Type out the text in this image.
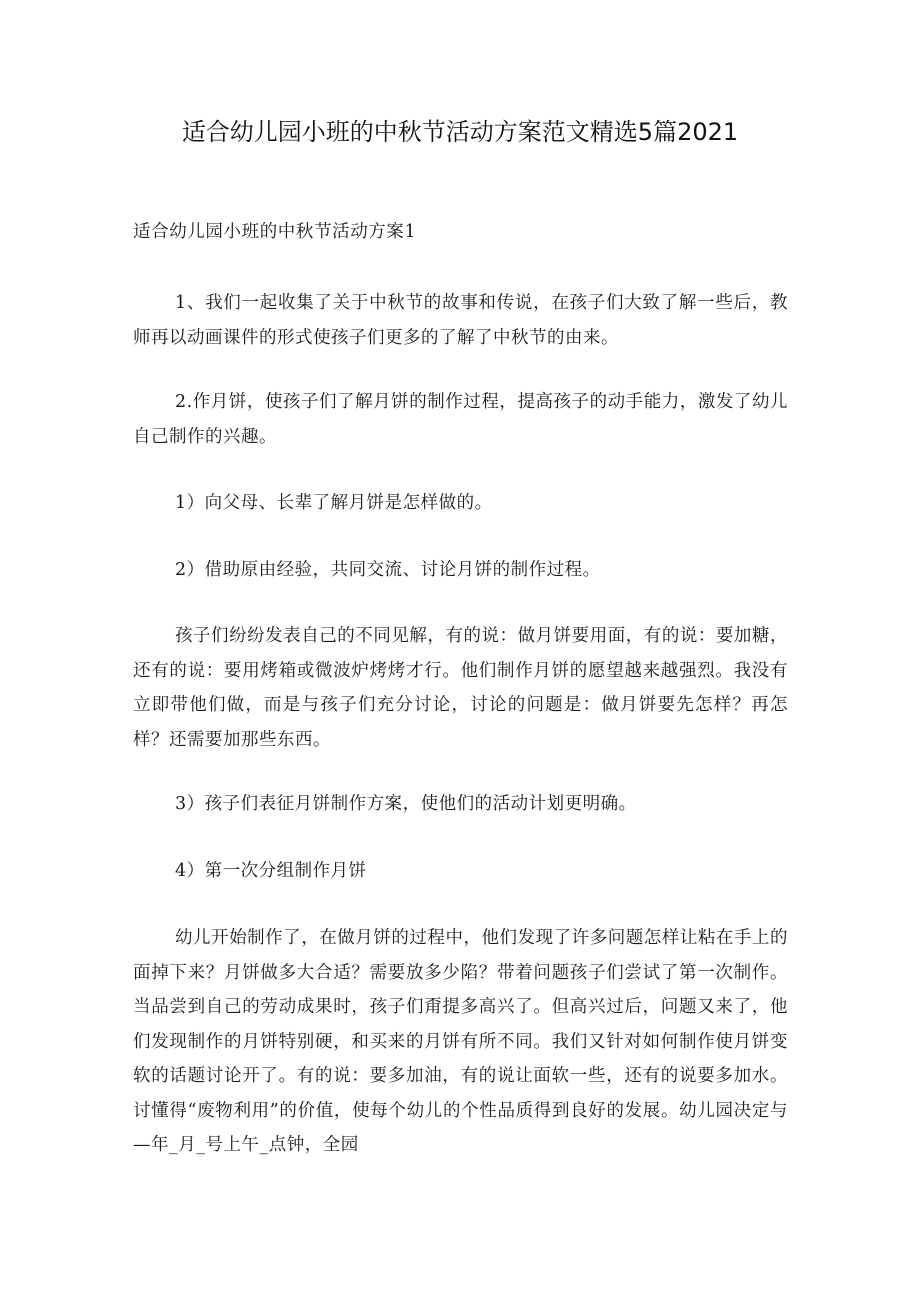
适合幼儿园小班的中秋节活动方案范文精选5篇2021

适合幼儿园小班的中秋节活动方案1

1、我们一起收集了关于中秋节的故事和传说，在孩子们大致了解一些后，教师再以动画课件的形式使孩子们更多的了解了中秋节的由来。

2.作月饼，使孩子们了解月饼的制作过程，提高孩子的动手能力，激发了幼儿自己制作的兴趣。

1）向父母、长辈了解月饼是怎样做的。

2）借助原由经验，共同交流、讨论月饼的制作过程。

孩子们纷纷发表自己的不同见解，有的说：做月饼要用面，有的说：要加糖，还有的说：要用烤箱或微波炉烤烤才行。他们制作月饼的愿望越来越强烈。我没有立即带他们做，而是与孩子们充分讨论，讨论的问题是：做月饼要先怎样？再怎样？还需要加那些东西。

3）孩子们表征月饼制作方案，使他们的活动计划更明确。

4）第一次分组制作月饼

幼儿开始制作了，在做月饼的过程中，他们发现了许多问题怎样让粘在手上的面掉下来？月饼做多大合适？需要放多少陷？带着问题孩子们尝试了第一次制作。当品尝到自己的劳动成果时，孩子们甭提多高兴了。但高兴过后，问题又来了，他们发现制作的月饼特别硬，和买来的月饼有所不同。我们又针对如何制作使月饼变软的话题讨论开了。有的说：要多加油，有的说让面软一些，还有的说要多加水。讨懂得“废物利用”的价值，使每个幼儿的个性品质得到良好的发展。幼儿园决定与—年_月_号上午_点钟，全园
